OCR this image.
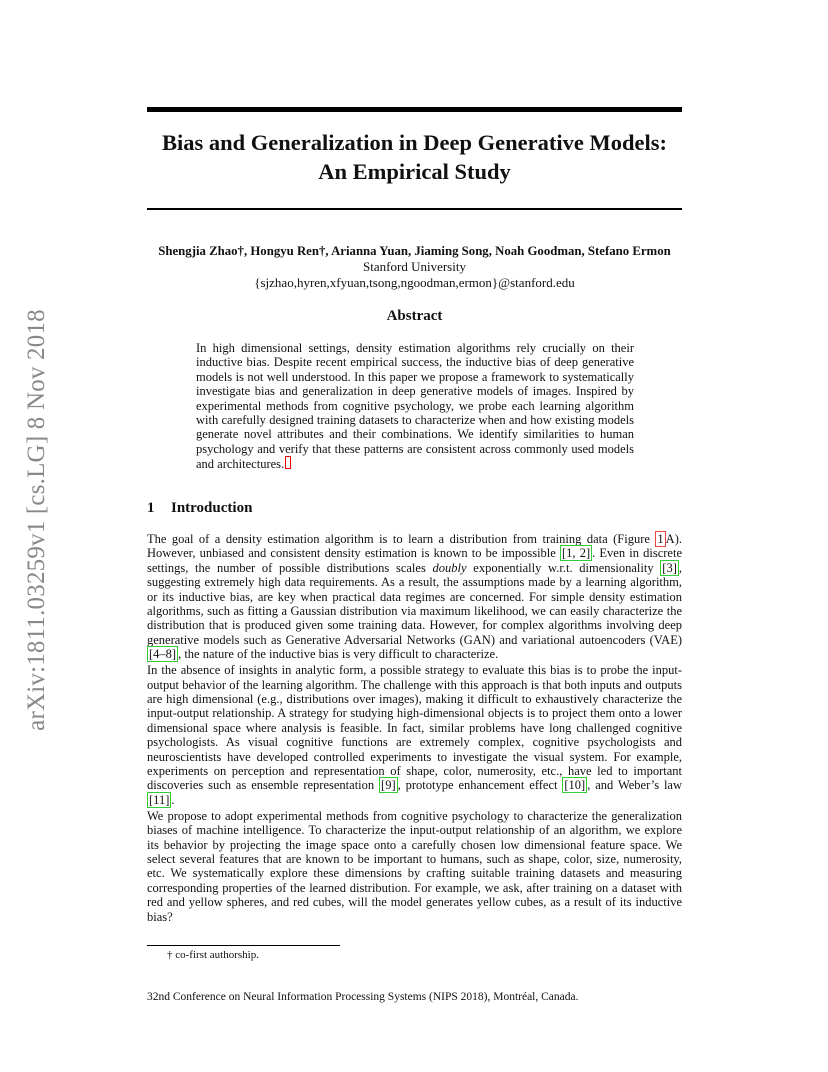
Bias and Generalization in Deep Generative Models:
An Empirical Study
Shengjia Zhao†, Hongyu Ren†, Arianna Yuan, Jiaming Song, Noah Goodman, Stefano Ermon
Stanford University
{sjzhao,hyren,xfyuan,tsong,ngoodman,ermon}@stanford.edu
arXiv:1811.03259v1 [cs.LG] 8 Nov 2018	Abstract
In high dimensional settings, density estimation algorithms rely crucially on their inductive bias. Despite recent empirical success, the inductive bias of deep generative models is not well understood. In this paper we propose a framework to systematically investigate bias and generalization in deep generative models of images. Inspired by experimental methods from cognitive psychology, we probe each learning algorithm with carefully designed training datasets to characterize when and how existing models generate novel attributes and their combinations. We identify similarities to human psychology and verify that these patterns are consistent across commonly used models and architectures.
1 Introduction

The goal of a density estimation algorithm is to learn a distribution from training data (Figure 1 A). However, unbiased and consistent density estimation is known to be impossible [1, 2] . Even in discrete settings, the number of possible distributions scales doubly exponentially w.r.t. dimensionality [3] , suggesting extremely high data requirements. As a result, the assumptions made by a learning algorithm, or its inductive bias, are key when practical data regimes are concerned. For simple density estimation algorithms, such as fitting a Gaussian distribution via maximum likelihood, we can easily characterize the distribution that is produced given some training data. However, for complex algorithms involving deep generative models such as Generative Adversarial Networks (GAN) and variational autoencoders (VAE) [4–8] , the nature of the inductive bias is very difficult to characterize.

In the absence of insights in analytic form, a possible strategy to evaluate this bias is to probe the input-output behavior of the learning algorithm. The challenge with this approach is that both inputs and outputs are high dimensional (e.g., distributions over images), making it difficult to exhaustively characterize the input-output relationship. A strategy for studying high-dimensional objects is to project them onto a lower dimensional space where analysis is feasible. In fact, similar problems have long challenged cognitive psychologists. As visual cognitive functions are extremely complex, cognitive psychologists and neuroscientists have developed controlled experiments to investigate the visual system. For example, experiments on perception and representation of shape, color, numerosity, etc., have led to important discoveries such as ensemble representation [9] , prototype enhancement effect [10] , and Weber’s law [11] .

We propose to adopt experimental methods from cognitive psychology to characterize the generalization biases of machine intelligence. To characterize the input-output relationship of an algorithm, we explore its behavior by projecting the image space onto a carefully chosen low dimensional feature space. We select several features that are known to be important to humans, such as shape, color, size, numerosity, etc. We systematically explore these dimensions by crafting suitable training datasets and measuring corresponding properties of the learned distribution. For example, we ask, after training on a dataset with red and yellow spheres, and red cubes, will the model generates yellow cubes, as a result of its inductive bias?

† co-first authorship.
32nd Conference on Neural Information Processing Systems (NIPS 2018), Montréal, Canada.
